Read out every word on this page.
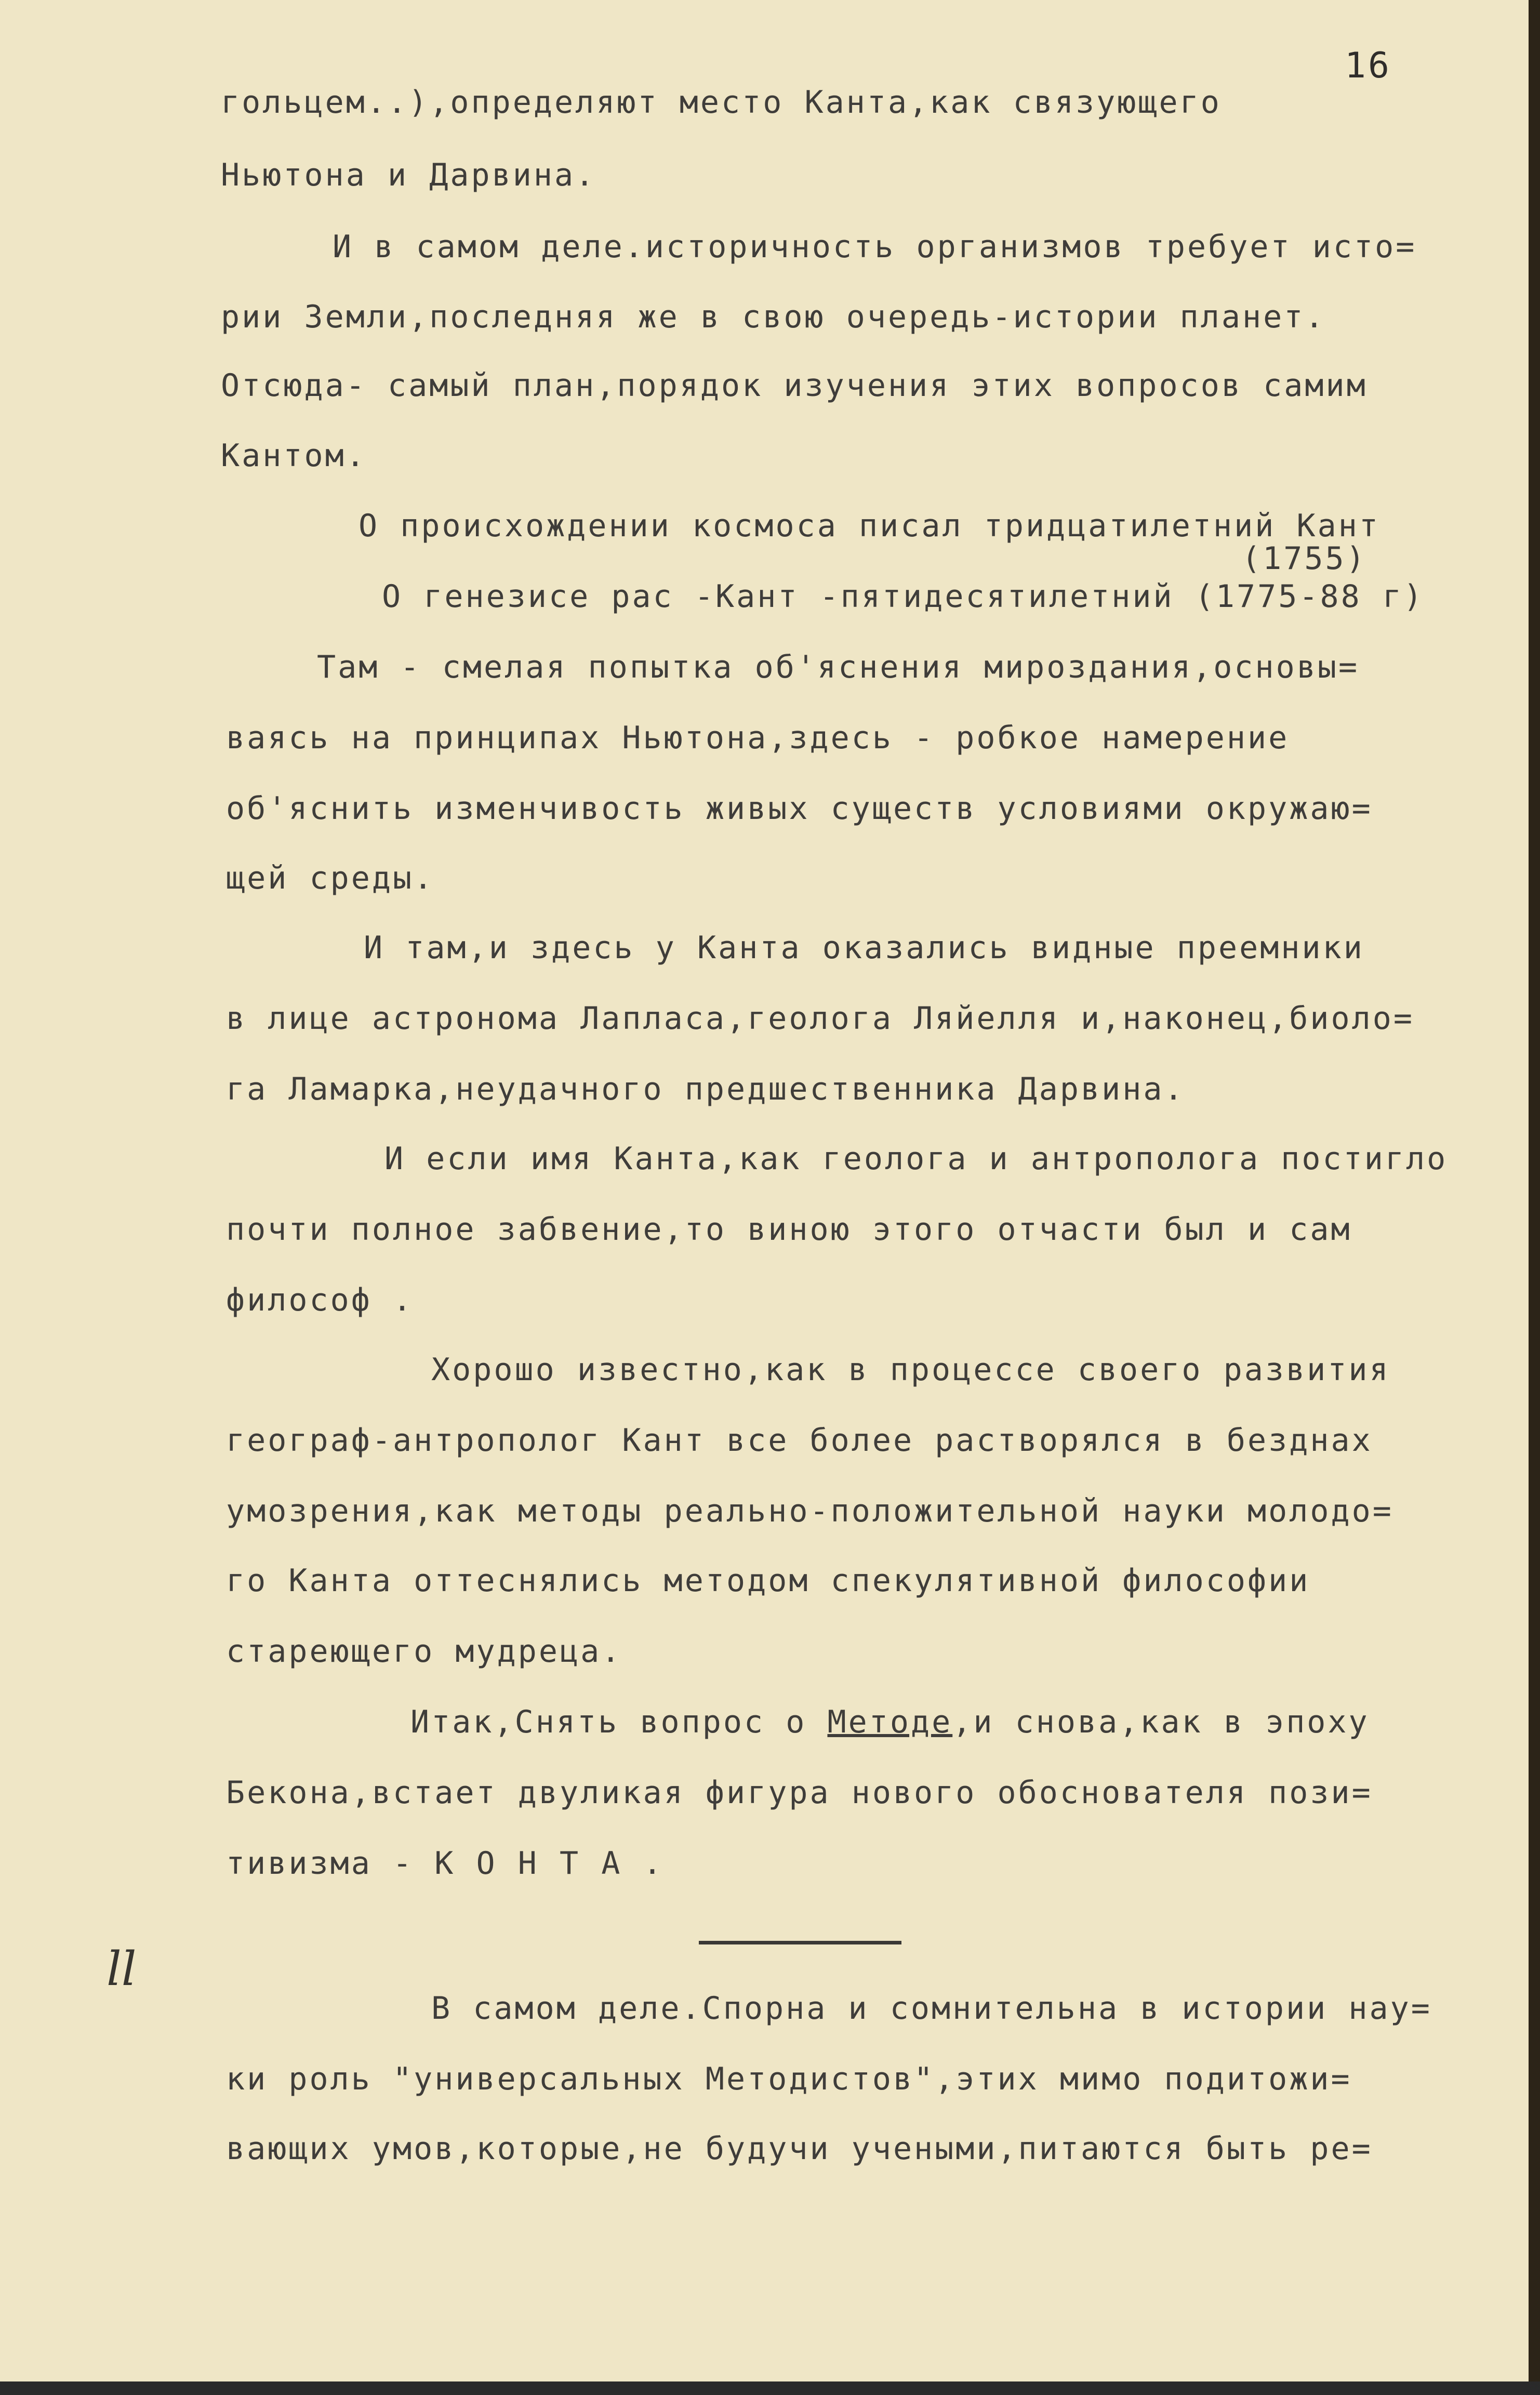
16
гольцем..),определяют место Канта,как связующего
Ньютона и Дарвина.
И в самом деле.историчность организмов требует исто=
рии Земли,последняя же в свою очередь-истории планет.
Отсюда- самый план,порядок изучения этих вопросов самим
Кантом.
О происхождении космоса писал тридцатилетний Кант
(1755)
О генезисе рас -Кант -пятидесятилетний (1775-88 г)
Там - смелая попытка об'яснения мироздания,основы=
ваясь на принципах Ньютона,здесь - робкое намерение
об'яснить изменчивость живых существ условиями окружаю=
щей среды.
И там,и здесь у Канта оказались видные преемники
в лице астронома Лапласа,геолога Ляйелля и,наконец,биоло=
га Ламарка,неудачного предшественника Дарвина.
И если имя Канта,как геолога и антрополога постигло
почти полное забвение,то виною этого отчасти был и сам
философ .
Хорошо известно,как в процессе своего развития
географ-антрополог Кант все более растворялся в безднах
умозрения,как методы реально-положительной науки молодо=
го Канта оттеснялись методом спекулятивной философии
стареющего мудреца.
Итак,Снять вопрос о Методе,и снова,как в эпоху
Бекона,встает двуликая фигура нового обоснователя пози=
тивизма - К О Н Т А .
ll
В самом деле.Спорна и сомнительна в истории нау=
ки роль "универсальных Методистов",этих мимо подитожи=
вающих умов,которые,не будучи учеными,питаются быть ре=
